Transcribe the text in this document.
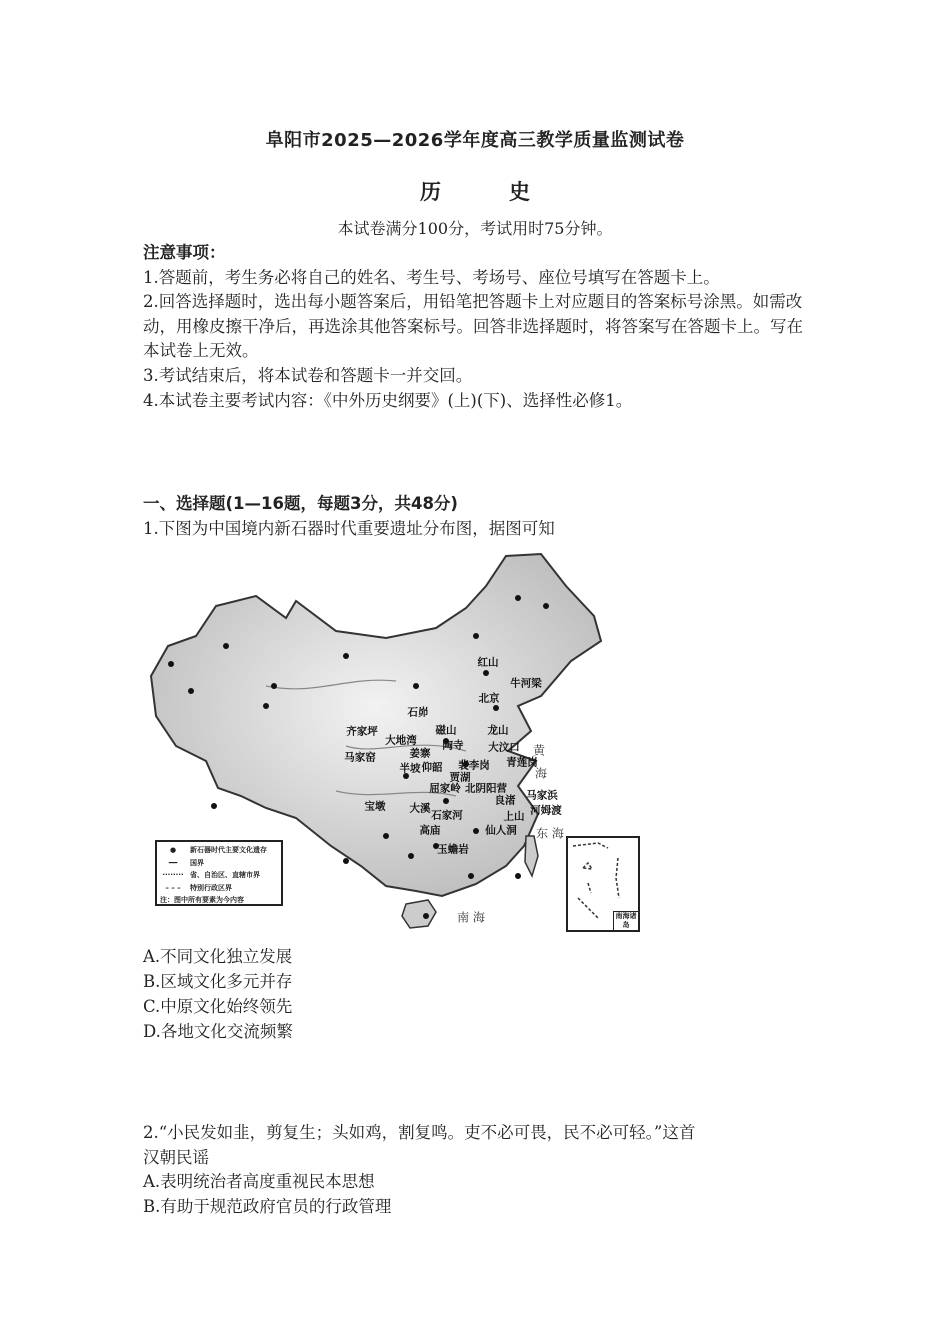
阜阳市2025—2026学年度高三教学质量监测试卷
历	史
本试卷满分100分，考试用时75分钟。
注意事项：
1.答题前，考生务必将自己的姓名、考生号、考场号、座位号填写在答题卡上。
2.回答选择题时，选出每小题答案后，用铅笔把答题卡上对应题目的答案标号涂黑。如需改动，用橡皮擦干净后，再选涂其他答案标号。回答非选择题时，将答案写在答题卡上。写在本试卷上无效。
3.考试结束后，将本试卷和答题卡一并交回。
4.本试卷主要考试内容：《中外历史纲要》(上)(下)、选择性必修1。
一、选择题(1—16题，每题3分，共48分)
1.下图为中国境内新石器时代重要遗址分布图，据图可知
红山
牛河梁
北京
石峁
磁山	龙山
齐家坪
大地湾 陶寺 大汶口
马家窑	姜寨
仰韶 裴李岗 青莲岗
半坡
贾湖
屈家岭 北阴阳营
马家浜
良渚
河姆渡
宝墩 大溪
石家河	上山
高庙	仙人洞
玉蟾岩
黄
海
东 海
南 海
●	新石器时代主要文化遗存
━━	国界
········ 省、自治区、直辖市界
– – –	特别行政区界
注：图中所有要素为今内容
南海诸岛
A.不同文化独立发展
B.区域文化多元并存
C.中原文化始终领先
D.各地文化交流频繁
2.“小民发如韭，剪复生；头如鸡，割复鸣。吏不必可畏，民不必可轻。”这首
汉朝民谣
A.表明统治者高度重视民本思想
B.有助于规范政府官员的行政管理
